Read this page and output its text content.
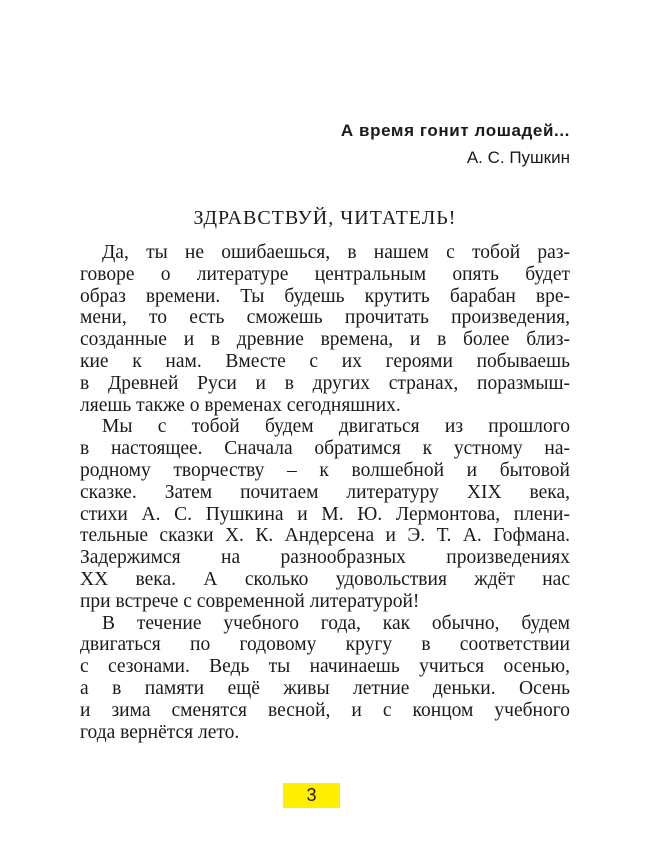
А время гонит лошадей...
А. С. Пушкин
ЗДРАВСТВУЙ, ЧИТАТЕЛЬ!
Да, ты не ошибаешься, в нашем с тобой раз-
говоре о литературе центральным опять будет
образ времени. Ты будешь крутить барабан вре-
мени, то есть сможешь прочитать произведения,
созданные и в древние времена, и в более близ-
кие к нам. Вместе с их героями побываешь
в Древней Руси и в других странах, поразмыш-
ляешь также о временах сегодняшних.
Мы с тобой будем двигаться из прошлого
в настоящее. Сначала обратимся к устному на-
родному творчеству – к волшебной и бытовой
сказке. Затем почитаем литературу XIX века,
стихи А. С. Пушкина и М. Ю. Лермонтова, плени-
тельные сказки Х. К. Андерсена и Э. Т. А. Гофмана.
Задержимся на разнообразных произведениях
XX века. А сколько удовольствия ждёт нас
при встрече с современной литературой!
В течение учебного года, как обычно, будем
двигаться по годовому кругу в соответствии
с сезонами. Ведь ты начинаешь учиться осенью,
а в памяти ещё живы летние деньки. Осень
и зима сменятся весной, и с концом учебного
года вернётся лето.
3
